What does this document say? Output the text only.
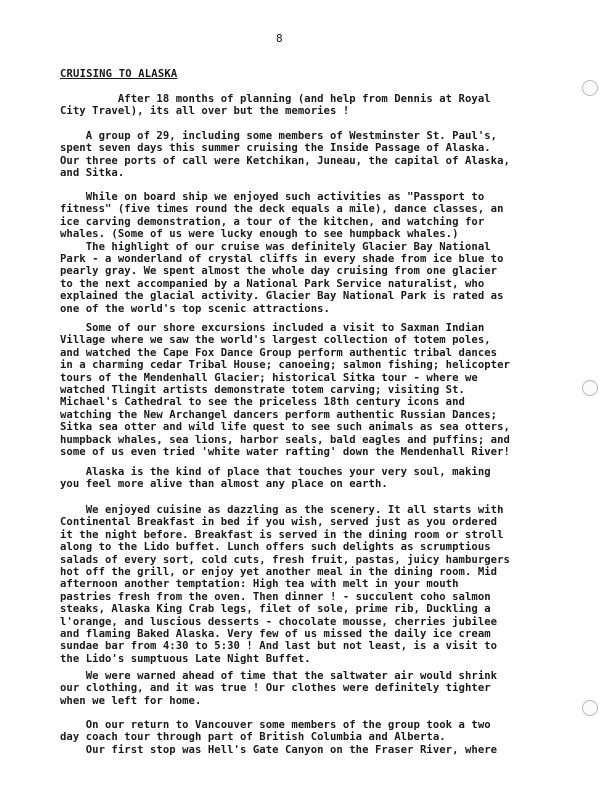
8
CRUISING TO ALASKA

After 18 months of planning (and help from Dennis at Royal
City Travel), its all over but the memories !

A group of 29, including some members of Westminster St. Paul's,
spent seven days this summer cruising the Inside Passage of Alaska.
Our three ports of call were Ketchikan, Juneau, the capital of Alaska,
and Sitka.

While on board ship we enjoyed such activities as "Passport to
fitness" (five times round the deck equals a mile), dance classes, an
ice carving demonstration, a tour of the kitchen, and watching for
whales. (Some of us were lucky enough to see humpback whales.)
The highlight of our cruise was definitely Glacier Bay National
Park - a wonderland of crystal cliffs in every shade from ice blue to
pearly gray. We spent almost the whole day cruising from one glacier
to the next accompanied by a National Park Service naturalist, who
explained the glacial activity. Glacier Bay National Park is rated as
one of the world's top scenic attractions.

Some of our shore excursions included a visit to Saxman Indian
Village where we saw the world's largest collection of totem poles,
and watched the Cape Fox Dance Group perform authentic tribal dances
in a charming cedar Tribal House; canoeing; salmon fishing; helicopter
tours of the Mendenhall Glacier; historical Sitka tour - where we
watched Tlingit artists demonstrate totem carving; visiting St.
Michael's Cathedral to see the priceless 18th century icons and
watching the New Archangel dancers perform authentic Russian Dances;
Sitka sea otter and wild life quest to see such animals as sea otters,
humpback whales, sea lions, harbor seals, bald eagles and puffins; and
some of us even tried 'white water rafting' down the Mendenhall River!

Alaska is the kind of place that touches your very soul, making
you feel more alive than almost any place on earth.

We enjoyed cuisine as dazzling as the scenery. It all starts with
Continental Breakfast in bed if you wish, served just as you ordered
it the night before. Breakfast is served in the dining room or stroll
along to the Lido buffet. Lunch offers such delights as scrumptious
salads of every sort, cold cuts, fresh fruit, pastas, juicy hamburgers
hot off the grill, or enjoy yet another meal in the dining room. Mid
afternoon another temptation: High tea with melt in your mouth
pastries fresh from the oven. Then dinner ! - succulent coho salmon
steaks, Alaska King Crab legs, filet of sole, prime rib, Duckling a
l'orange, and luscious desserts - chocolate mousse, cherries jubilee
and flaming Baked Alaska. Very few of us missed the daily ice cream
sundae bar from 4:30 to 5:30 ! And last but not least, is a visit to
the Lido's sumptuous Late Night Buffet.

We were warned ahead of time that the saltwater air would shrink
our clothing, and it was true ! Our clothes were definitely tighter
when we left for home.

On our return to Vancouver some members of the group took a two
day coach tour through part of British Columbia and Alberta.
Our first stop was Hell's Gate Canyon on the Fraser River, where
